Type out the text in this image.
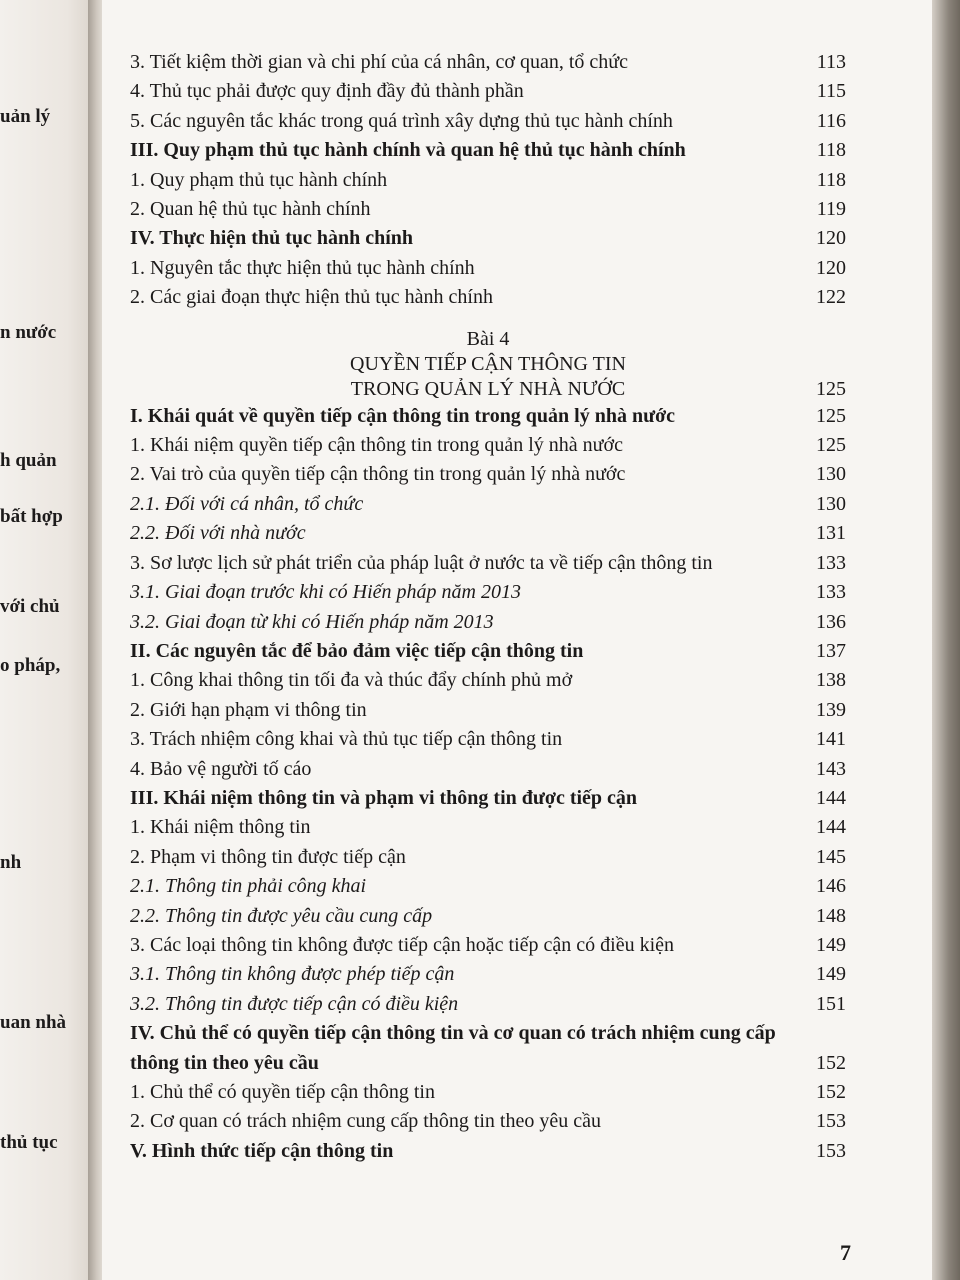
uản lý
n nước
h quản
bất hợp
với chủ
o pháp,
nh
uan nhà
thủ tục
3. Tiết kiệm thời gian và chi phí của cá nhân, cơ quan, tổ chức	113
4. Thủ tục phải được quy định đầy đủ thành phần	115
5. Các nguyên tắc khác trong quá trình xây dựng thủ tục hành chính	116
III. Quy phạm thủ tục hành chính và quan hệ thủ tục hành chính	118
1. Quy phạm thủ tục hành chính	118
2. Quan hệ thủ tục hành chính	119
IV. Thực hiện thủ tục hành chính	120
1. Nguyên tắc thực hiện thủ tục hành chính	120
2. Các giai đoạn thực hiện thủ tục hành chính	122
Bài 4
QUYỀN TIẾP CẬN THÔNG TIN
TRONG QUẢN LÝ NHÀ NƯỚC	125
I. Khái quát về quyền tiếp cận thông tin trong quản lý nhà nước	125
1. Khái niệm quyền tiếp cận thông tin trong quản lý nhà nước	125
2. Vai trò của quyền tiếp cận thông tin trong quản lý nhà nước	130
2.1. Đối với cá nhân, tổ chức	130
2.2. Đối với nhà nước	131
3. Sơ lược lịch sử phát triển của pháp luật ở nước ta về tiếp cận thông tin	133
3.1. Giai đoạn trước khi có Hiến pháp năm 2013	133
3.2. Giai đoạn từ khi có Hiến pháp năm 2013	136
II. Các nguyên tắc để bảo đảm việc tiếp cận thông tin	137
1. Công khai thông tin tối đa và thúc đẩy chính phủ mở	138
2. Giới hạn phạm vi thông tin	139
3. Trách nhiệm công khai và thủ tục tiếp cận thông tin	141
4. Bảo vệ người tố cáo	143
III. Khái niệm thông tin và phạm vi thông tin được tiếp cận	144
1. Khái niệm thông tin	144
2. Phạm vi thông tin được tiếp cận	145
2.1. Thông tin phải công khai	146
2.2. Thông tin được yêu cầu cung cấp	148
3. Các loại thông tin không được tiếp cận hoặc tiếp cận có điều kiện	149
3.1. Thông tin không được phép tiếp cận	149
3.2. Thông tin được tiếp cận có điều kiện	151
IV. Chủ thể có quyền tiếp cận thông tin và cơ quan có trách nhiệm cung cấp thông tin theo yêu cầu	152
1. Chủ thể có quyền tiếp cận thông tin	152
2. Cơ quan có trách nhiệm cung cấp thông tin theo yêu cầu	153
V. Hình thức tiếp cận thông tin	153
7
